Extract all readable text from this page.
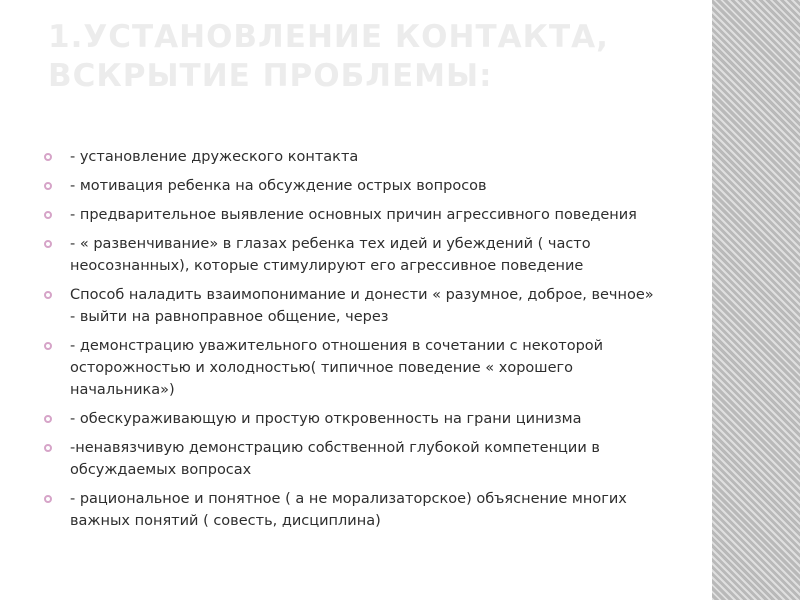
1.УСТАНОВЛЕНИЕ КОНТАКТА,
ВСКРЫТИЕ ПРОБЛЕМЫ:
- установление дружеского контакта
- мотивация ребенка на обсуждение острых вопросов
- предварительное выявление основных причин агрессивного поведения
- « развенчивание» в глазах ребенка тех идей и убеждений ( часто неосознанных), которые стимулируют его агрессивное поведение
Способ наладить взаимопонимание и донести « разумное, доброе, вечное» - выйти на равноправное общение, через
- демонстрацию уважительного отношения в сочетании с некоторой осторожностью и холодностью( типичное поведение « хорошего начальника»)
- обескураживающую и простую откровенность на грани цинизма
-ненавязчивую демонстрацию собственной глубокой компетенции в обсуждаемых вопросах
- рациональное и понятное ( а не морализаторское) объяснение многих важных понятий ( совесть, дисциплина)
